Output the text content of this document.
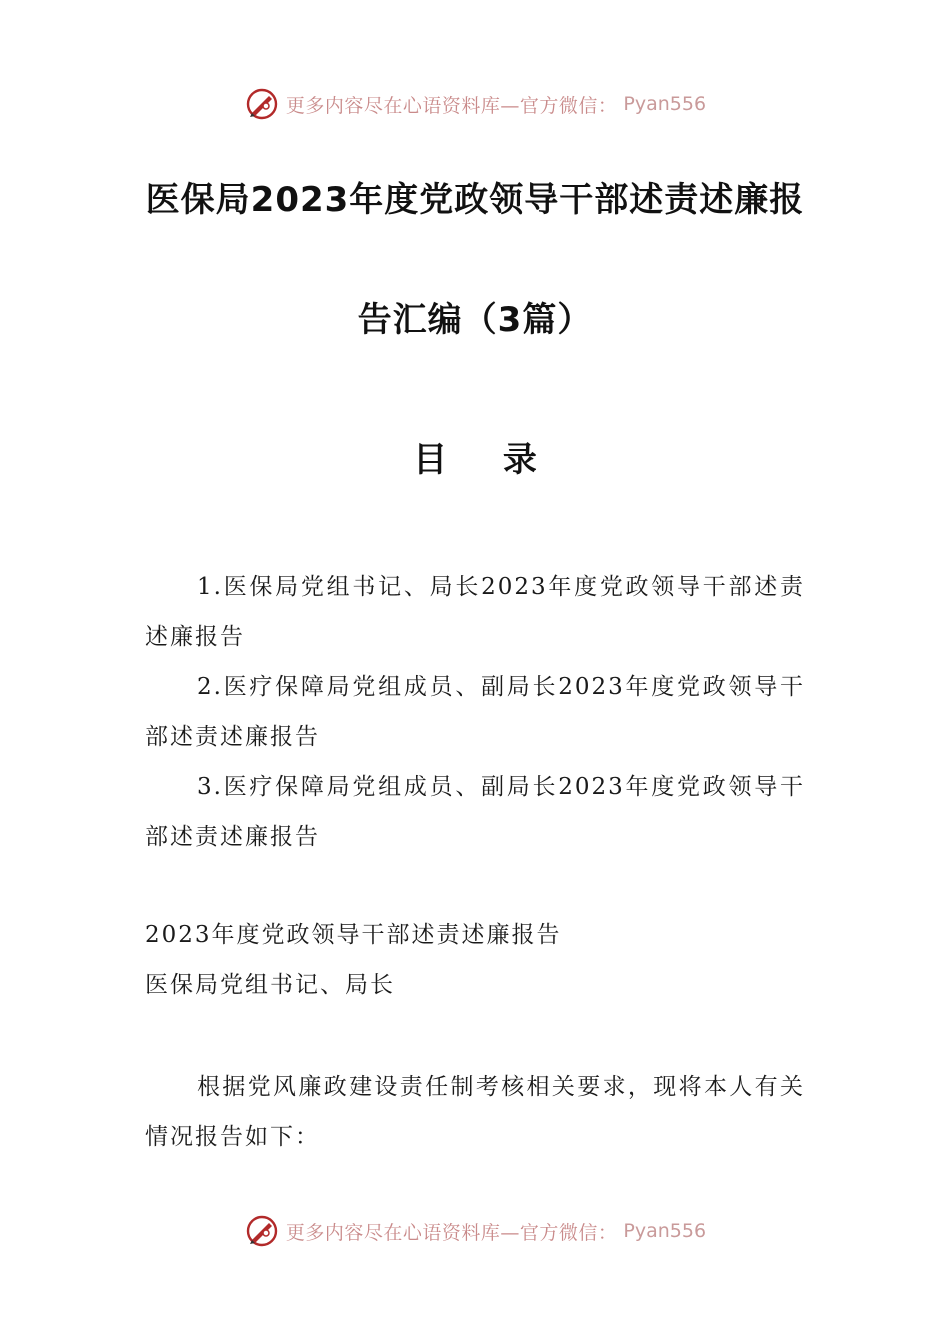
更多内容尽在心语资料库—官方微信： Pyan556
医保局2023年度党政领导干部述责述廉报
告汇编（3篇）
目 录

1.医保局党组书记、局长2023年度党政领导干部述责述廉报告

2.医疗保障局党组成员、副局长2023年度党政领导干部述责述廉报告

3.医疗保障局党组成员、副局长2023年度党政领导干部述责述廉报告

2023年度党政领导干部述责述廉报告

医保局党组书记、局长

根据党风廉政建设责任制考核相关要求，现将本人有关情况报告如下：

更多内容尽在心语资料库—官方微信： Pyan556
